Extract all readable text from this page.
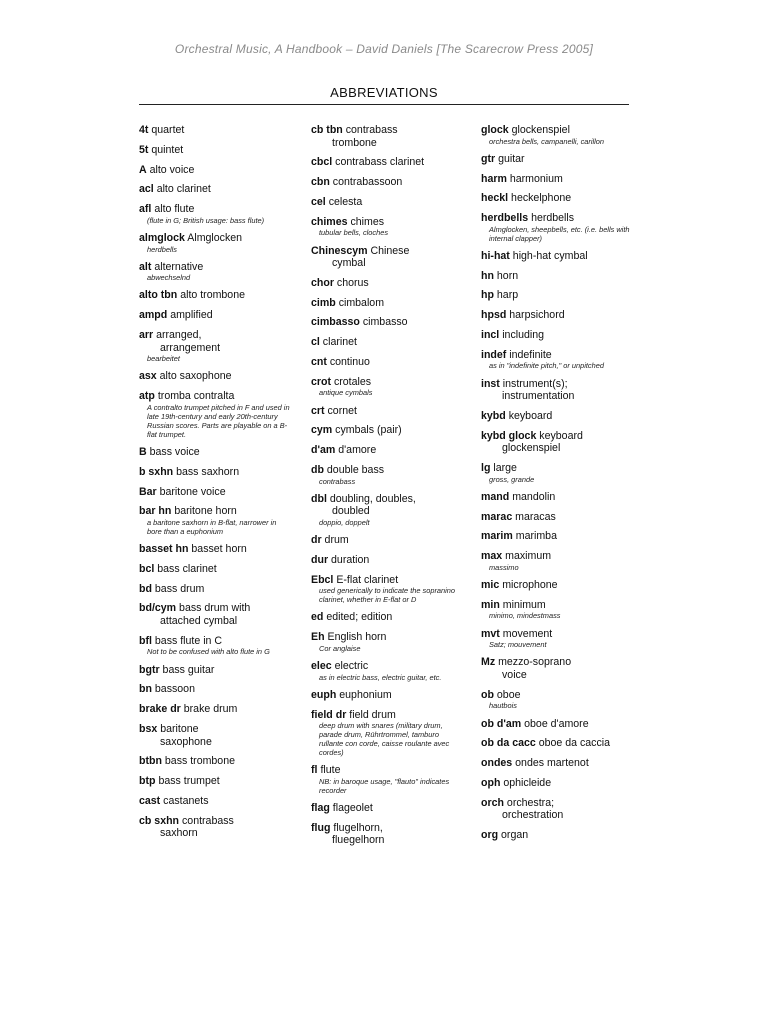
Orchestral Music, A Handbook – David Daniels [The Scarecrow Press 2005]
ABBREVIATIONS
4t quartet
5t quintet
A alto voice
acl alto clarinet
afl alto flute
(flute in G; British usage: bass flute)
almglock Almglocken
herdbells
alt alternative
abwechselnd
alto tbn alto trombone
ampd amplified
arr arranged,
arrangement
bearbeitet
asx alto saxophone
atp tromba contralta
A contralto trumpet pitched in F and used in late 19th-century and early 20th-century Russian scores. Parts are playable on a B-flat trumpet.
B bass voice
b sxhn bass saxhorn
Bar baritone voice
bar hn baritone horn
a baritone saxhorn in B-flat, narrower in bore than a euphonium
basset hn basset horn
bcl bass clarinet
bd bass drum
bd/cym bass drum with
attached cymbal
bfl bass flute in C
Not to be confused with alto flute in G
bgtr bass guitar
bn bassoon
brake dr brake drum
bsx baritone
saxophone
btbn bass trombone
btp bass trumpet
cast castanets
cb sxhn contrabass
saxhorn
cb tbn contrabass
trombone
cbcl contrabass clarinet
cbn contrabassoon
cel celesta
chimes chimes
tubular bells, cloches
Chinescym Chinese
cymbal
chor chorus
cimb cimbalom
cimbasso cimbasso
cl clarinet
cnt continuo
crot crotales
antique cymbals
crt cornet
cym cymbals (pair)
d'am d'amore
db double bass
contrabass
dbl doubling, doubles,
doubled
doppio, doppelt
dr drum
dur duration
Ebcl E-flat clarinet
used generically to indicate the sopranino clarinet, whether in E-flat or D
ed edited; edition
Eh English horn
Cor anglaise
elec electric
as in electric bass, electric guitar, etc.
euph euphonium
field dr field drum
deep drum with snares (military drum, parade drum, Rührtrommel, tamburo rullante con corde, caisse roulante avec cordes)
fl flute
NB: in baroque usage, "flauto" indicates recorder
flag flageolet
flug flugelhorn,
fluegelhorn
glock glockenspiel
orchestra bells, campanelli, carillon
gtr guitar
harm harmonium
heckl heckelphone
herdbells herdbells
Almglocken, sheepbells, etc. (i.e. bells with internal clapper)
hi-hat high-hat cymbal
hn horn
hp harp
hpsd harpsichord
incl including
indef indefinite
as in "indefinite pitch," or unpitched
inst instrument(s);
instrumentation
kybd keyboard
kybd glock keyboard
glockenspiel
lg large
gross, grande
mand mandolin
marac maracas
marim marimba
max maximum
massimo
mic microphone
min minimum
minimo, mindestmass
mvt movement
Satz; mouvement
Mz mezzo-soprano
voice
ob oboe
hautbois
ob d'am oboe d'amore
ob da cacc oboe da caccia
ondes ondes martenot
oph ophicleide
orch orchestra;
orchestration
org organ
